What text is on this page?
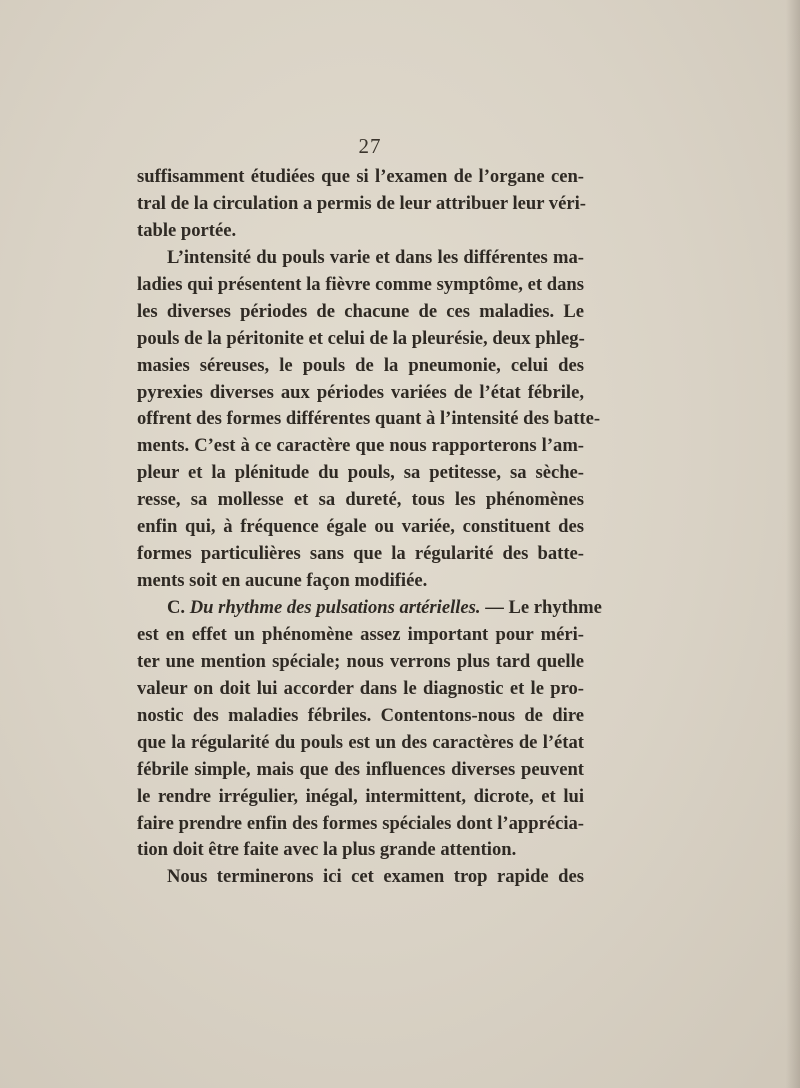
27
suffisamment étudiées que si l’examen de l’organe cen-
tral de la circulation a permis de leur attribuer leur véri-
table portée.
L’intensité du pouls varie et dans les différentes ma-
ladies qui présentent la fièvre comme symptôme, et dans
les diverses périodes de chacune de ces maladies. Le
pouls de la péritonite et celui de la pleurésie, deux phleg-
masies séreuses, le pouls de la pneumonie, celui des
pyrexies diverses aux périodes variées de l’état fébrile,
offrent des formes différentes quant à l’intensité des batte-
ments. C’est à ce caractère que nous rapporterons l’am-
pleur et la plénitude du pouls, sa petitesse, sa sèche-
resse, sa mollesse et sa dureté, tous les phénomènes
enfin qui, à fréquence égale ou variée, constituent des
formes particulières sans que la régularité des batte-
ments soit en aucune façon modifiée.
C. Du rhythme des pulsations artérielles. — Le rhythme
est en effet un phénomène assez important pour méri-
ter une mention spéciale; nous verrons plus tard quelle
valeur on doit lui accorder dans le diagnostic et le pro-
nostic des maladies fébriles. Contentons-nous de dire
que la régularité du pouls est un des caractères de l’état
fébrile simple, mais que des influences diverses peuvent
le rendre irrégulier, inégal, intermittent, dicrote, et lui
faire prendre enfin des formes spéciales dont l’apprécia-
tion doit être faite avec la plus grande attention.
Nous terminerons ici cet examen trop rapide des
